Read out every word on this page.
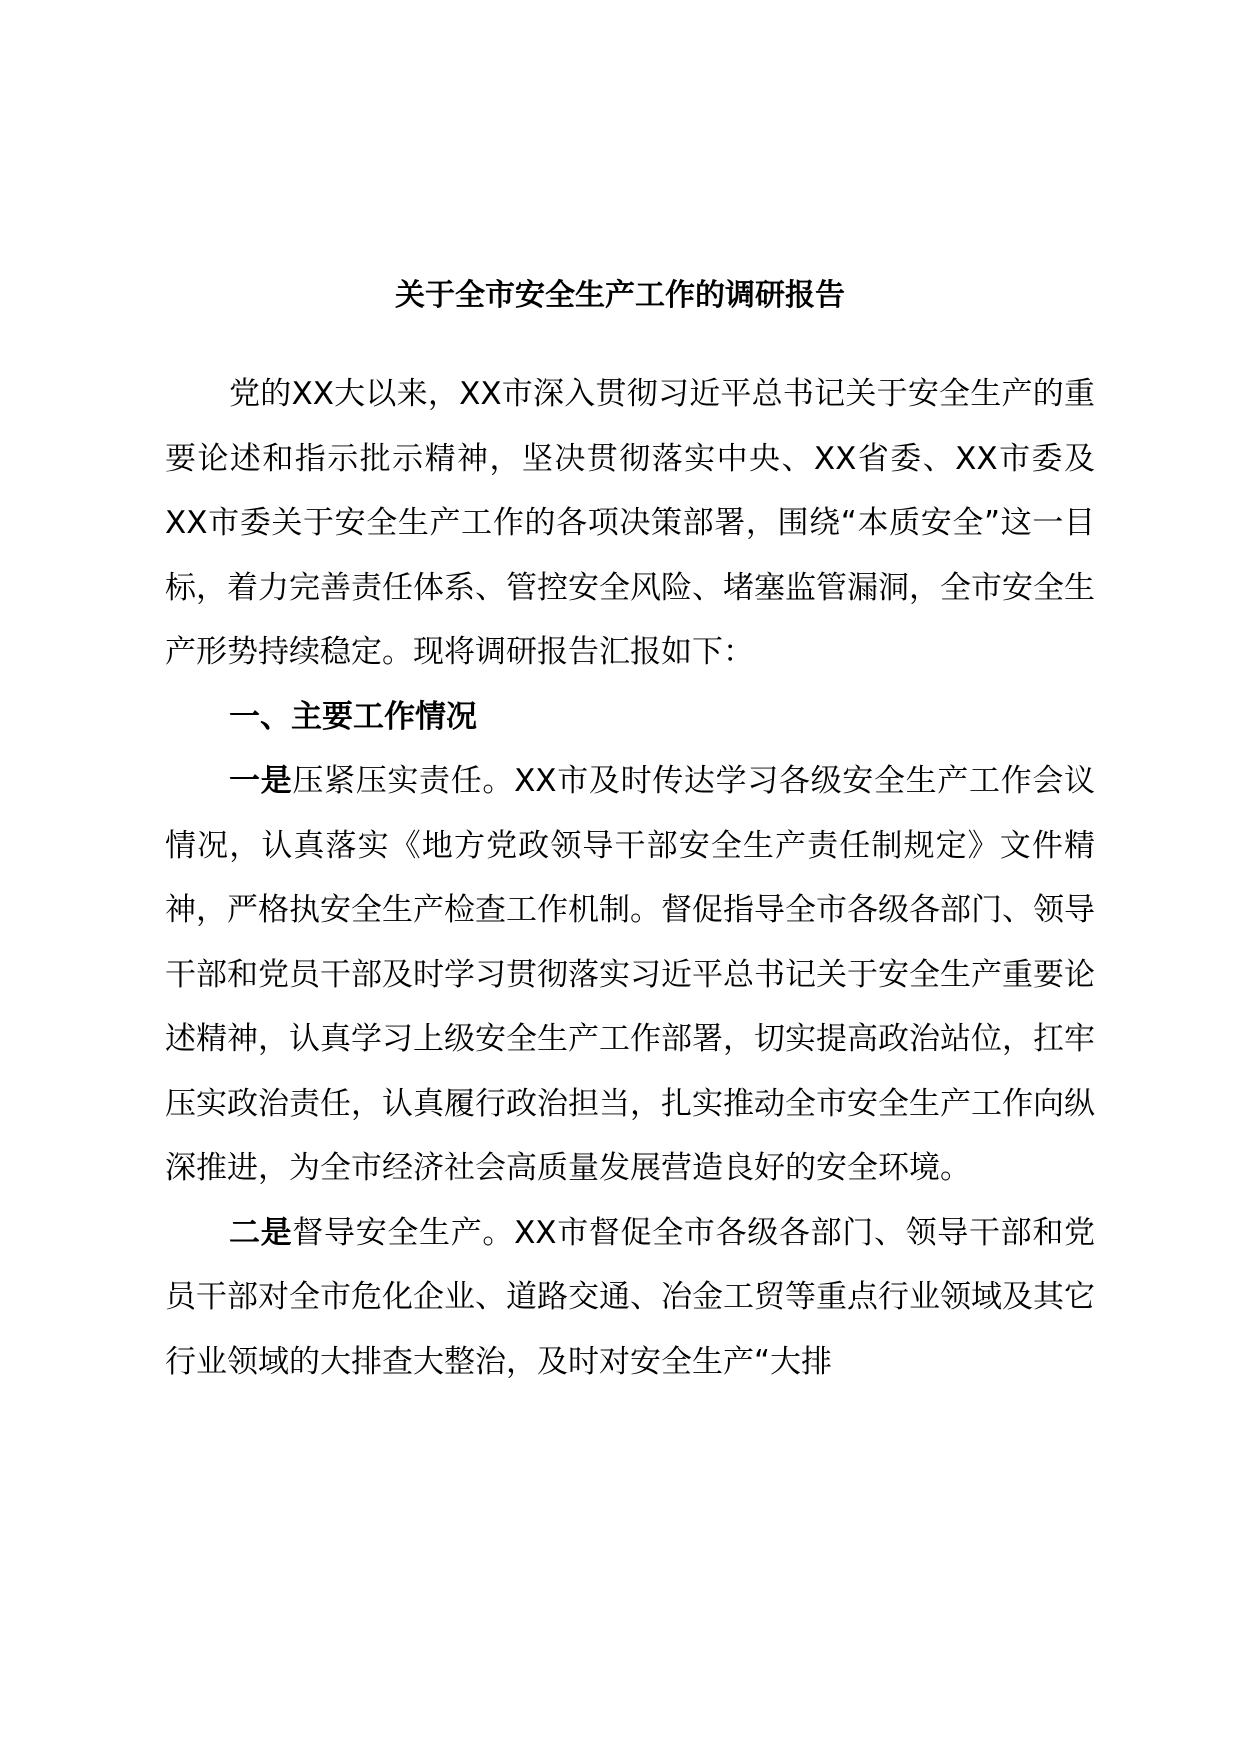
关于全市安全生产工作的调研报告

党的XX大以来，XX市深入贯彻习近平总书记关于安全生产的重要论述和指示批示精神，坚决贯彻落实中央、XX省委、XX市委及XX市委关于安全生产工作的各项决策部署，围绕“本质安全”这一目标，着力完善责任体系、管控安全风险、堵塞监管漏洞，全市安全生产形势持续稳定。现将调研报告汇报如下：

一、主要工作情况

一是压紧压实责任。XX市及时传达学习各级安全生产工作会议情况，认真落实《地方党政领导干部安全生产责任制规定》文件精神，严格执安全生产检查工作机制。督促指导全市各级各部门、领导干部和党员干部及时学习贯彻落实习近平总书记关于安全生产重要论述精神，认真学习上级安全生产工作部署，切实提高政治站位，扛牢压实政治责任，认真履行政治担当，扎实推动全市安全生产工作向纵深推进，为全市经济社会高质量发展营造良好的安全环境。

二是督导安全生产。XX市督促全市各级各部门、领导干部和党员干部对全市危化企业、道路交通、冶金工贸等重点行业领域及其它行业领域的大排查大整治，及时对安全生产“大排
